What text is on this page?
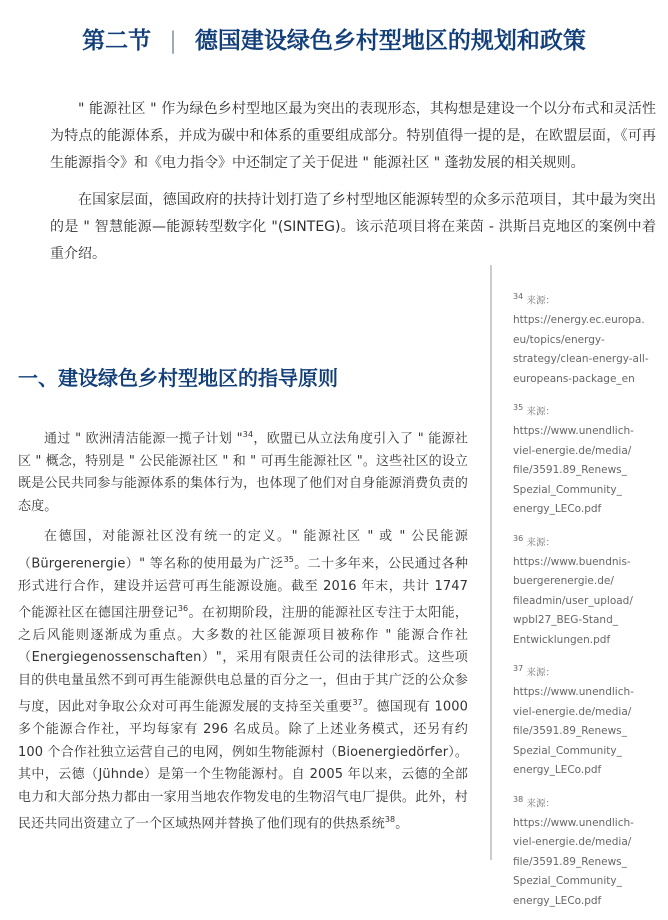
第二节 | 德国建设绿色乡村型地区的规划和政策

" 能源社区 " 作为绿色乡村型地区最为突出的表现形态，其构想是建设一个以分布式和灵活性为特点的能源体系，并成为碳中和体系的重要组成部分。特别值得一提的是，在欧盟层面，《可再生能源指令》和《电力指令》中还制定了关于促进 " 能源社区 " 蓬勃发展的相关规则。

在国家层面，德国政府的扶持计划打造了乡村型地区能源转型的众多示范项目，其中最为突出的是 " 智慧能源—能源转型数字化 "(SINTEG)。该示范项目将在莱茵 - 洪斯吕克地区的案例中着重介绍。

一、建设绿色乡村型地区的指导原则

通过 " 欧洲清洁能源一揽子计划 "$^{34}$，欧盟已从立法角度引入了 " 能源社区 " 概念，特别是 " 公民能源社区 " 和 " 可再生能源社区 "。这些社区的设立既是公民共同参与能源体系的集体行为，也体现了他们对自身能源消费负责的态度。

在德国，对能源社区没有统一的定义。" 能源社区 " 或 " 公民能源（Bürgerenergie）" 等名称的使用最为广泛$^{35}$。二十多年来，公民通过各种形式进行合作，建设并运营可再生能源设施。截至 2016 年末，共计 1747 个能源社区在德国注册登记$^{36}$。在初期阶段，注册的能源社区专注于太阳能，之后风能则逐渐成为重点。大多数的社区能源项目被称作 " 能源合作社（Energiegenossenschaften）"，采用有限责任公司的法律形式。这些项目的供电量虽然不到可再生能源供电总量的百分之一，但由于其广泛的公众参与度，因此对争取公众对可再生能源发展的支持至关重要$^{37}$。德国现有 1000 多个能源合作社，平均每家有 296 名成员。除了上述业务模式，还另有约 100 个合作社独立运营自己的电网，例如生物能源村（Bioenergiedörfer）。其中，云德（Jühnde）是第一个生物能源村。自 2005 年以来，云德的全部电力和大部分热力都由一家用当地农作物发电的生物沼气电厂提供。此外，村民还共同出资建立了一个区域热网并替换了他们现有的供热系统$^{38}$。

$^{34}$ 来源：
https://energy.ec.europa.
eu/topics/energy-
strategy/clean-energy-all-
europeans-package_en
$^{35}$ 来源：
https://www.unendlich-
viel-energie.de/media/
file/3591.89_Renews_
Spezial_Community_
energy_LECo.pdf
$^{36}$ 来源：
https://www.buendnis-
buergerenergie.de/
fileadmin/user_upload/
wpbl27_BEG-Stand_
Entwicklungen.pdf
$^{37}$ 来源：
https://www.unendlich-
viel-energie.de/media/
file/3591.89_Renews_
Spezial_Community_
energy_LECo.pdf
$^{38}$ 来源：
https://www.unendlich-
viel-energie.de/media/
file/3591.89_Renews_
Spezial_Community_
energy_LECo.pdf
